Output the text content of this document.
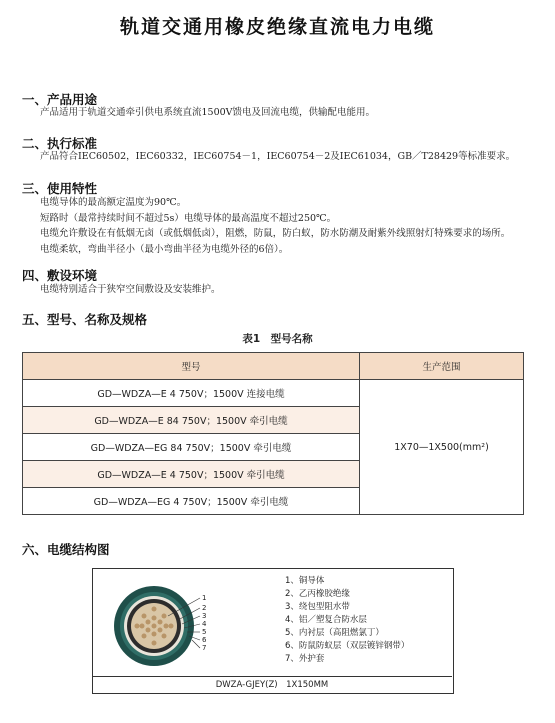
轨道交通用橡皮绝缘直流电力电缆
一、产品用途
产品适用于轨道交通牵引供电系统直流1500V馈电及回流电缆，供输配电能用。
二、执行标准
产品符合IEC60502，IEC60332，IEC60754－1，IEC60754－2及IEC61034，GB／T28429等标准要求。
三、使用特性
电缆导体的最高额定温度为90℃。
短路时（最常持续时间不超过5s）电缆导体的最高温度不超过250℃。
电缆允许敷设在有低烟无卤（或低烟低卤），阻燃，防鼠，防白蚁，防水防潮及耐紫外线照射灯特殊要求的场所。
电缆柔软，弯曲半径小（最小弯曲半径为电缆外径的6倍）。
四、敷设环境
电缆特别适合于狭窄空间敷设及安装维护。
五、型号、名称及规格
表1　型号名称
型号	生产范围
GD—WDZA—E 4 750V；1500V 连接电缆	1X70—1X500(mm²)
GD—WDZA—E 84 750V；1500V 牵引电缆	
GD—WDZA—EG 84 750V；1500V 牵引电缆	
GD—WDZA—E 4 750V；1500V 牵引电缆	
GD—WDZA—EG 4 750V；1500V 牵引电缆	
六、电缆结构图
1
2
3
4
5
6
7
1、铜导体
2、乙丙橡胶绝缘
3、绕包型阻水带
4、铝／塑复合防水层
5、内衬层（高阻燃氯丁）
6、防鼠防蚁层（双层镀锌钢带）
7、外护套
DWZA-GJEY(Z)　1X150MM
